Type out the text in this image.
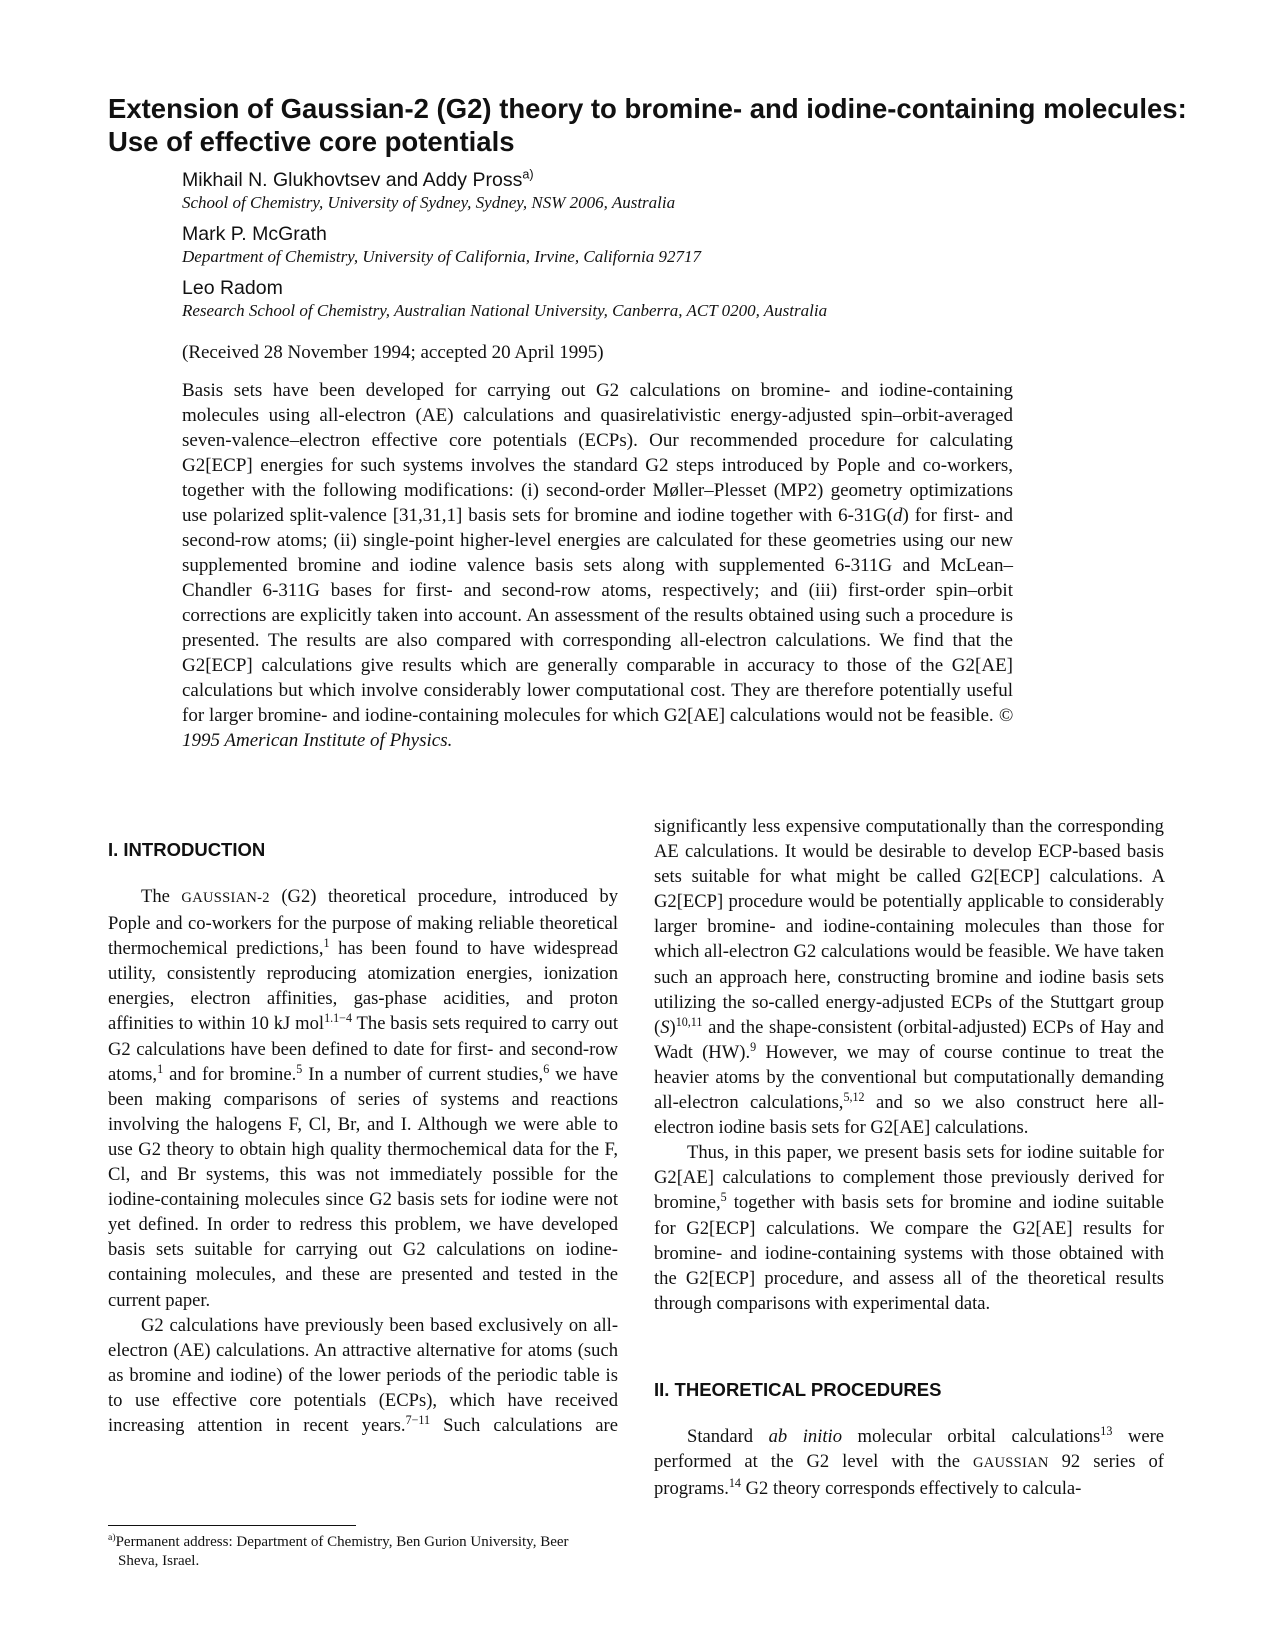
Extension of Gaussian-2 (G2) theory to bromine- and iodine-containing molecules: Use of effective core potentials

Mikhail N. Glukhovtsev and Addy Pross$^{a)}$

School of Chemistry, University of Sydney, Sydney, NSW 2006, Australia

Mark P. McGrath

Department of Chemistry, University of California, Irvine, California 92717

Leo Radom

Research School of Chemistry, Australian National University, Canberra, ACT 0200, Australia

(Received 28 November 1994; accepted 20 April 1995)

Basis sets have been developed for carrying out G2 calculations on bromine- and iodine-containing molecules using all-electron (AE) calculations and quasirelativistic energy-adjusted spin–orbit-averaged seven-valence–electron effective core potentials (ECPs). Our recommended procedure for calculating G2[ECP] energies for such systems involves the standard G2 steps introduced by Pople and co-workers, together with the following modifications: (i) second-order Møller–Plesset (MP2) geometry optimizations use polarized split-valence [31,31,1] basis sets for bromine and iodine together with 6-31G(d) for first- and second-row atoms; (ii) single-point higher-level energies are calculated for these geometries using our new supplemented bromine and iodine valence basis sets along with supplemented 6-311G and McLean–Chandler 6-311G bases for first- and second-row atoms, respectively; and (iii) first-order spin–orbit corrections are explicitly taken into account. An assessment of the results obtained using such a procedure is presented. The results are also compared with corresponding all-electron calculations. We find that the G2[ECP] calculations give results which are generally comparable in accuracy to those of the G2[AE] calculations but which involve considerably lower computational cost. They are therefore potentially useful for larger bromine- and iodine-containing molecules for which G2[AE] calculations would not be feasible. © 1995 American Institute of Physics.

I. INTRODUCTION

The GAUSSIAN-2 (G2) theoretical procedure, introduced by Pople and co-workers for the purpose of making reliable theoretical thermochemical predictions,$^1$ has been found to have widespread utility, consistently reproducing atomization energies, ionization energies, electron affinities, gas-phase acidities, and proton affinities to within 10 kJ mol$^{1.1-4}$ The basis sets required to carry out G2 calculations have been defined to date for first- and second-row atoms,$^1$ and for bromine.$^5$ In a number of current studies,$^6$ we have been making comparisons of series of systems and reactions involving the halogens F, Cl, Br, and I. Although we were able to use G2 theory to obtain high quality thermochemical data for the F, Cl, and Br systems, this was not immediately possible for the iodine-containing molecules since G2 basis sets for iodine were not yet defined. In order to redress this problem, we have developed basis sets suitable for carrying out G2 calculations on iodine-containing molecules, and these are presented and tested in the current paper.

G2 calculations have previously been based exclusively on all-electron (AE) calculations. An attractive alternative for atoms (such as bromine and iodine) of the lower periods of the periodic table is to use effective core potentials (ECPs), which have received increasing attention in recent years.$^{7-11}$ Such calculations are

significantly less expensive computationally than the corresponding AE calculations. It would be desirable to develop ECP-based basis sets suitable for what might be called G2[ECP] calculations. A G2[ECP] procedure would be potentially applicable to considerably larger bromine- and iodine-containing molecules than those for which all-electron G2 calculations would be feasible. We have taken such an approach here, constructing bromine and iodine basis sets utilizing the so-called energy-adjusted ECPs of the Stuttgart group $(S)^{10,11}$ and the shape-consistent (orbital-adjusted) ECPs of Hay and Wadt (HW).$^9$ However, we may of course continue to treat the heavier atoms by the conventional but computationally demanding all-electron calculations,$^{5,12}$ and so we also construct here all-electron iodine basis sets for G2[AE] calculations.

Thus, in this paper, we present basis sets for iodine suitable for G2[AE] calculations to complement those previously derived for bromine,$^5$ together with basis sets for bromine and iodine suitable for G2[ECP] calculations. We compare the G2[AE] results for bromine- and iodine-containing systems with those obtained with the G2[ECP] procedure, and assess all of the theoretical results through comparisons with experimental data.

II. THEORETICAL PROCEDURES

Standard ab initio molecular orbital calculations$^{13}$ were performed at the G2 level with the GAUSSIAN 92 series of programs.$^{14}$ G2 theory corresponds effectively to calcula-

$^{a)}$Permanent address: Department of Chemistry, Ben Gurion University, Beer
Sheva, Israel.
